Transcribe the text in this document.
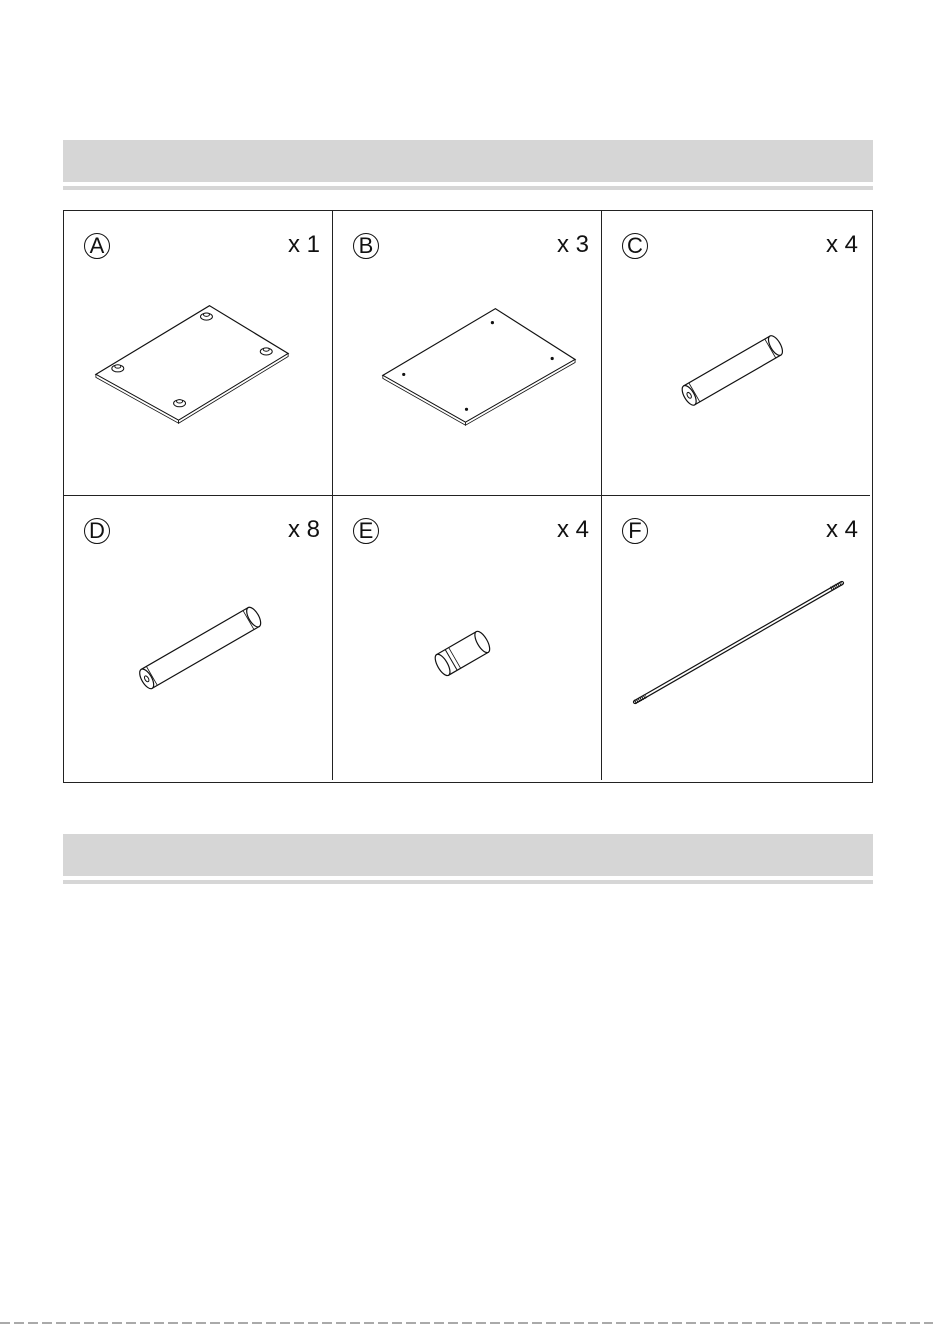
A	x 1 B	x 3 C	x 4
D	x 8 E	x 4 F	x 4
